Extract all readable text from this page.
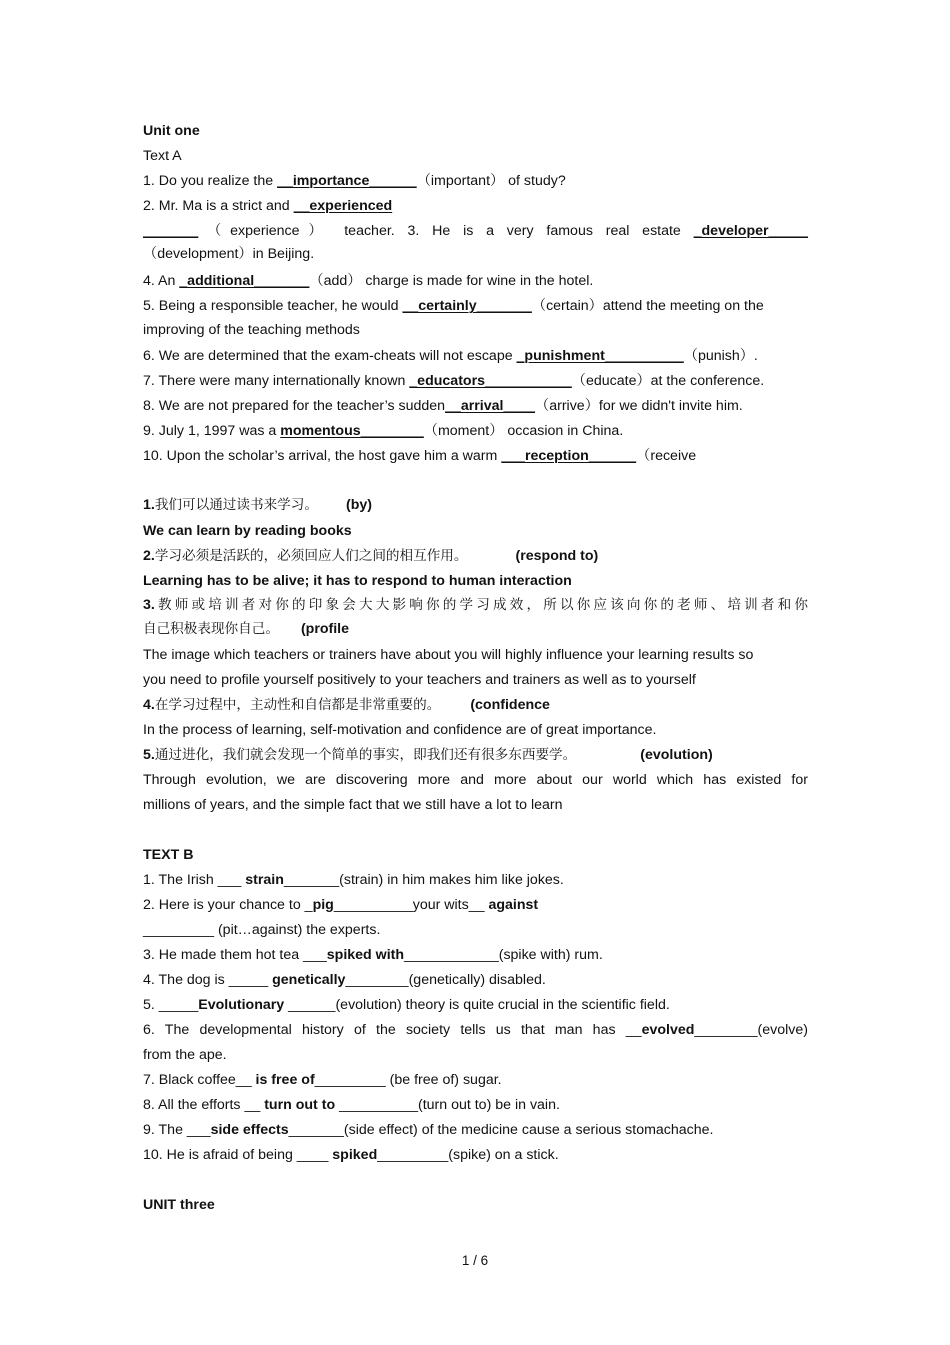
Unit one
Text A
1. Do you realize the __importance______（important） of study?
2. Mr. Ma is a strict and __experienced
_______（experience） teacher. 3. He is a very famous real estate _developer_____
（development）in Beijing.
4. An _additional_______（add） charge is made for wine in the hotel.
5. Being a responsible teacher, he would __certainly_______（certain）attend the meeting on the
improving of the teaching methods
6. We are determined that the exam-cheats will not escape _punishment__________（punish）.
7. There were many internationally known _educators___________（educate）at the conference.
8. We are not prepared for the teacher’s sudden__arrival____（arrive）for we didn't invite him.
9. July 1, 1997 was a momentous________（moment） occasion in China.
10. Upon the scholar’s arrival, the host gave him a warm ___reception______（receive
1.我们可以通过读书来学习。 (by)
We can learn by reading books
2.学习必须是活跃的，必须回应人们之间的相互作用。	(respond to)
Learning has to be alive; it has to respond to human interaction
3.教师或培训者对你的印象会大大影响你的学习成效，所以你应该向你的老师、培训者和你
自己积极表现你自己。 (profile
The image which teachers or trainers have about you will highly influence your learning results so
you need to profile yourself positively to your teachers and trainers as well as to yourself
4.在学习过程中，主动性和自信都是非常重要的。 (confidence
In the process of learning, self-motivation and confidence are of great importance.
5.通过进化，我们就会发现一个简单的事实，即我们还有很多东西要学。	(evolution)
Through evolution, we are discovering more and more about our world which has existed for
millions of years, and the simple fact that we still have a lot to learn
TEXT B
1. The Irish ___ strain_______(strain) in him makes him like jokes.
2. Here is your chance to _pig__________your wits__ against
_________ (pit…against) the experts.
3. He made them hot tea ___spiked with____________(spike with) rum.
4. The dog is _____ genetically________(genetically) disabled.
5. _____Evolutionary ______(evolution) theory is quite crucial in the scientific field.
6. The developmental history of the society tells us that man has __evolved________(evolve)
from the ape.
7. Black coffee__ is free of_________ (be free of) sugar.
8. All the efforts __ turn out to __________(turn out to) be in vain.
9. The ___side effects_______(side effect) of the medicine cause a serious stomachache.
10. He is afraid of being ____ spiked_________(spike) on a stick.
UNIT three
1 / 6
